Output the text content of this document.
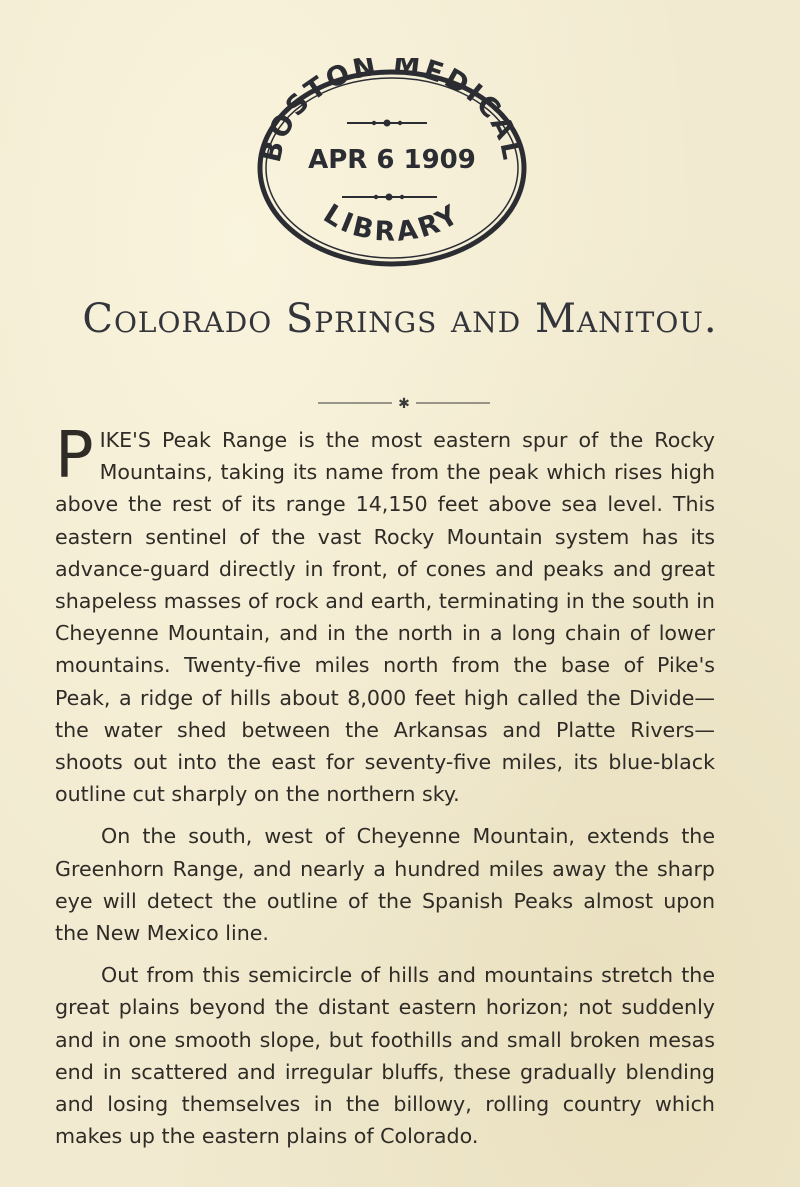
BOSTON MEDICAL
LIBRARY
APR 6 1909
Colorado Springs and Manitou.
✱

PIKE'S Peak Range is the most eastern spur of the Rocky Mountains, taking its name from the peak which rises high above the rest of its range 14,150 feet above sea level. This eastern sentinel of the vast Rocky Mountain system has its advance-guard directly in front, of cones and peaks and great shapeless masses of rock and earth, terminating in the south in Cheyenne Mountain, and in the north in a long chain of lower mountains. Twenty-five miles north from the base of Pike's Peak, a ridge of hills about 8,000 feet high called the Divide—the water shed between the Arkansas and Platte Rivers—shoots out into the east for seventy-five miles, its blue-black outline cut sharply on the northern sky.

On the south, west of Cheyenne Mountain, extends the Greenhorn Range, and nearly a hundred miles away the sharp eye will detect the outline of the Spanish Peaks almost upon the New Mexico line.

Out from this semicircle of hills and mountains stretch the great plains beyond the distant eastern horizon; not suddenly and in one smooth slope, but foothills and small broken mesas end in scattered and irregular bluffs, these gradually blending and losing themselves in the billowy, rolling country which makes up the eastern plains of Colorado.
